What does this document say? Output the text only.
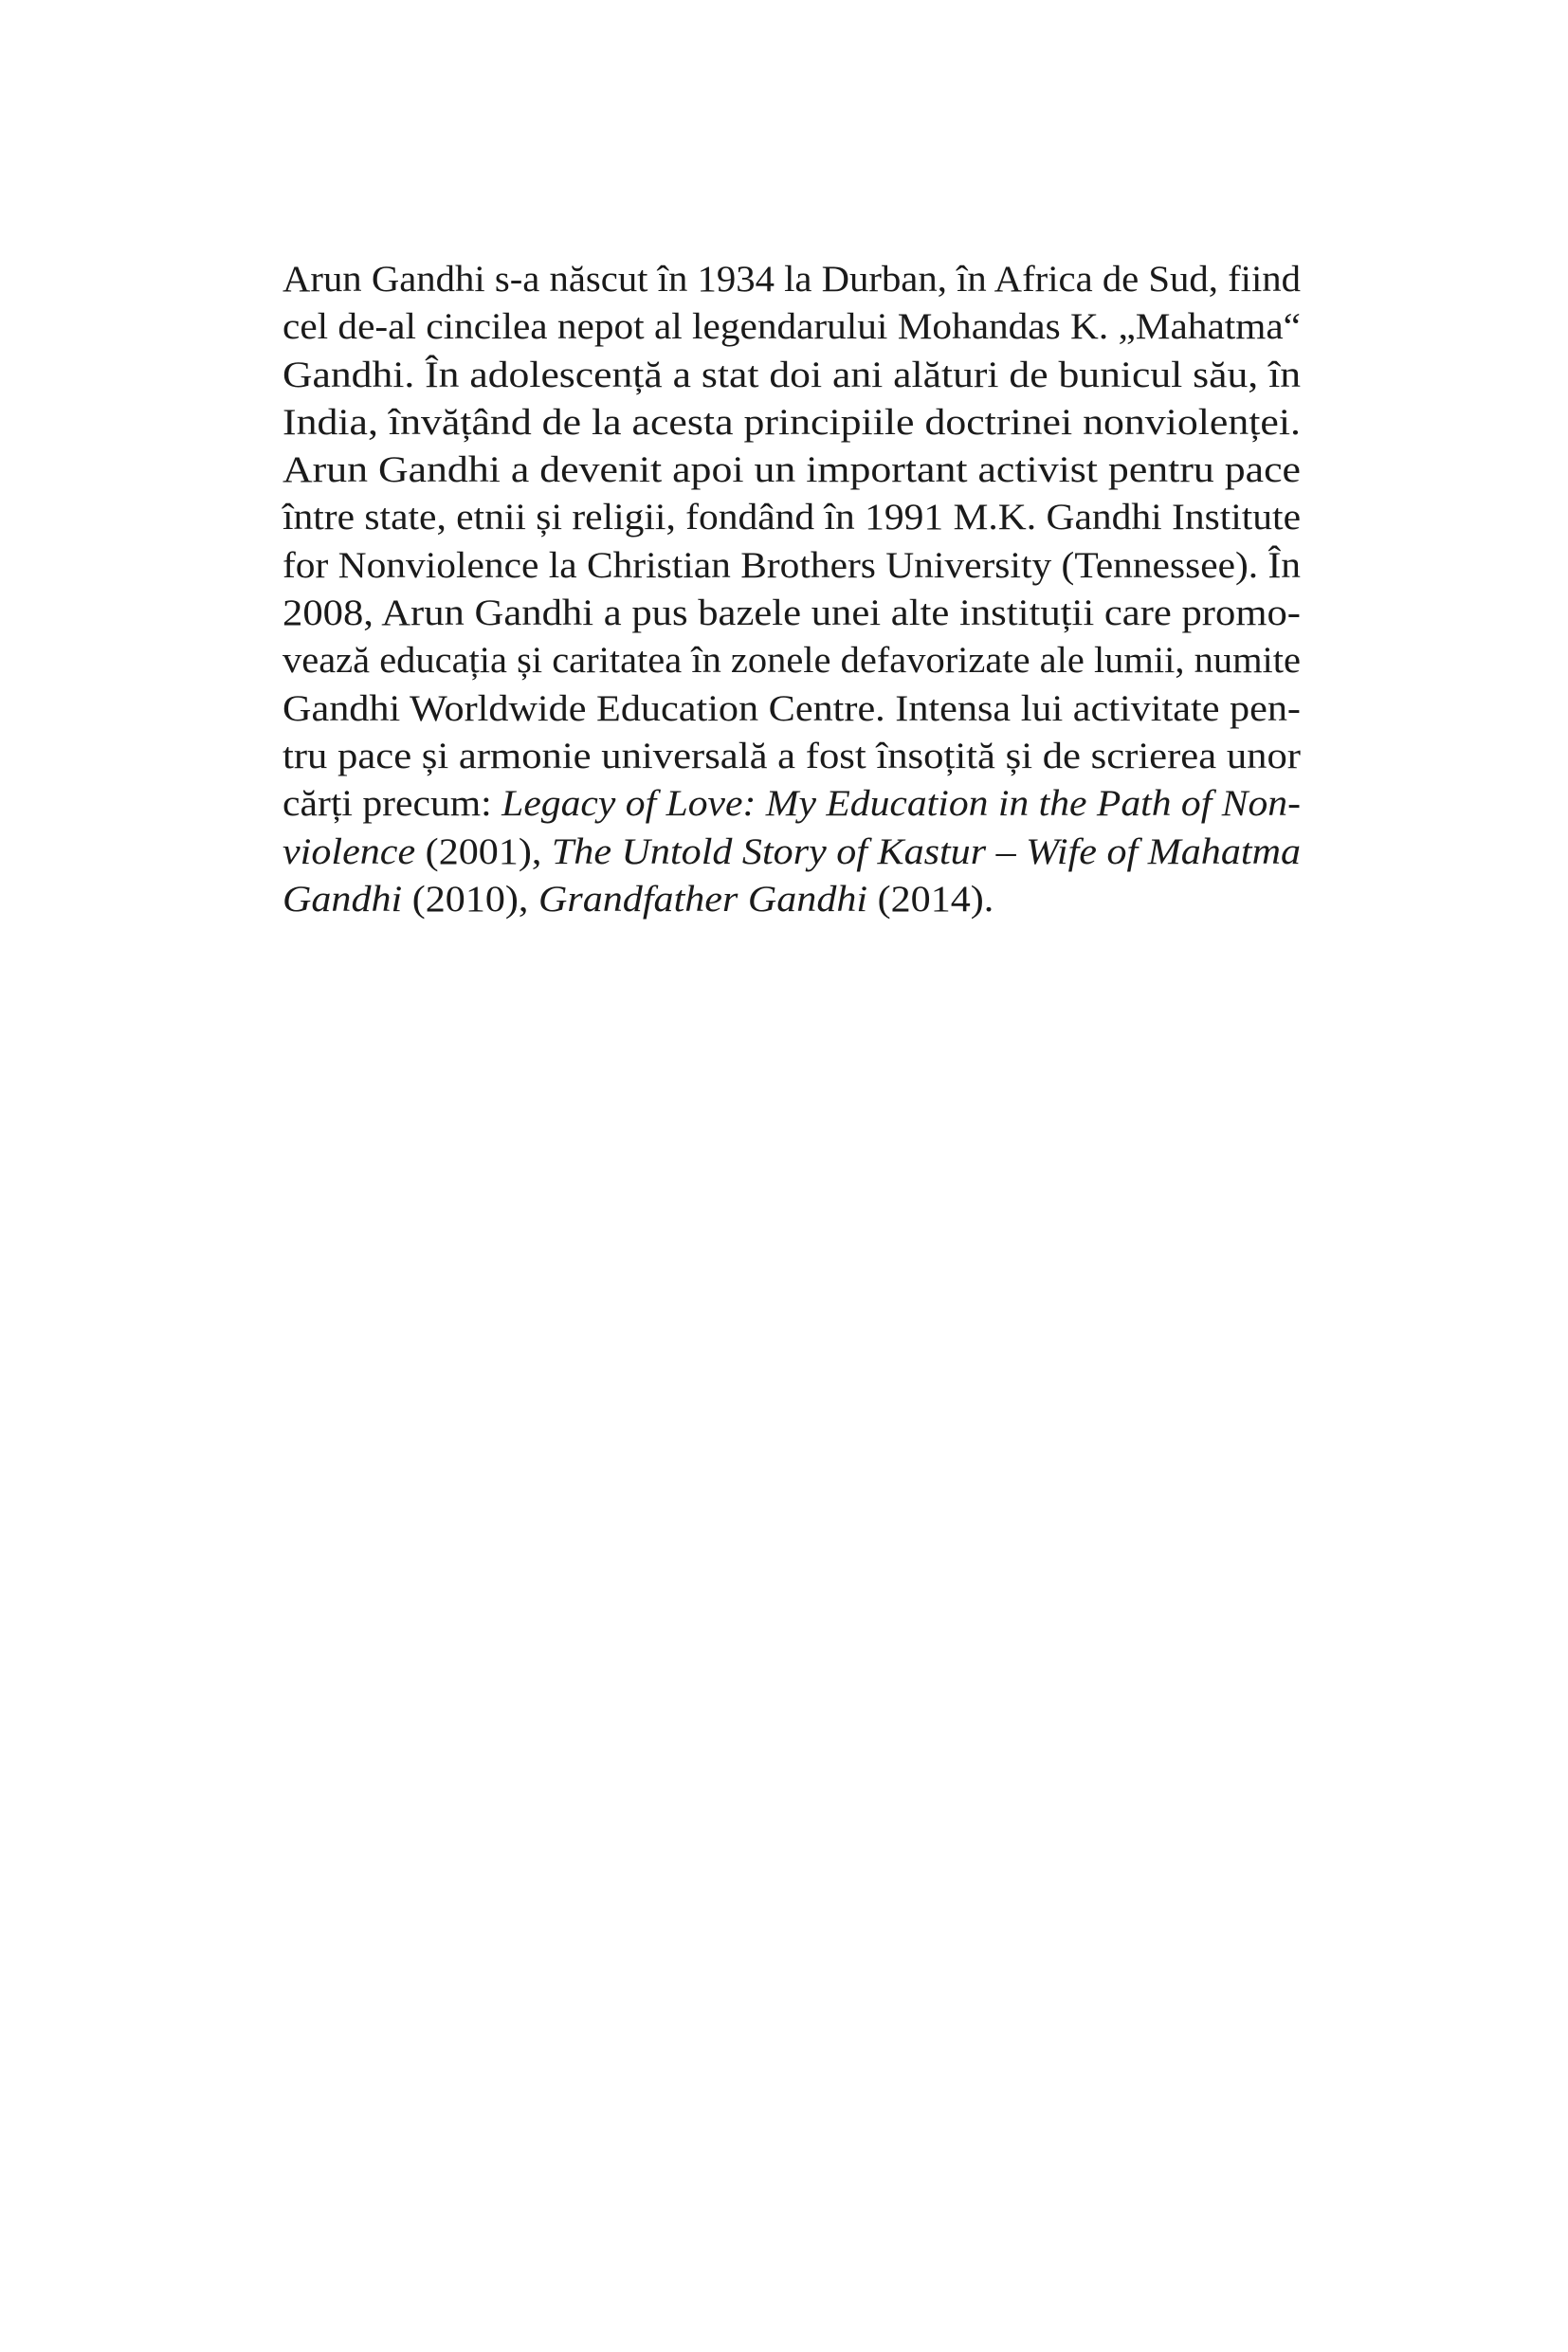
Arun Gandhi s-a născut în 1934 la Durban, în Africa de Sud, fiind
cel de-al cincilea nepot al legendarului Mohandas K. „Mahatma“
Gandhi. În adolescență a stat doi ani alături de bunicul său, în
India, învățând de la acesta principiile doctrinei nonviolenței.
Arun Gandhi a devenit apoi un important activist pentru pace
între state, etnii și religii, fondând în 1991 M.K. Gandhi Institute
for Nonviolence la Christian Brothers University (Tennessee). În
2008, Arun Gandhi a pus bazele unei alte instituții care promo-
vează educația și caritatea în zonele defavorizate ale lumii, numite
Gandhi Worldwide Education Centre. Intensa lui activitate pen-
tru pace și armonie universală a fost însoțită și de scrierea unor
cărți precum: Legacy of Love: My Education in the Path of Non-
violence (2001), The Untold Story of Kastur – Wife of Mahatma
Gandhi (2010), Grandfather Gandhi (2014).
